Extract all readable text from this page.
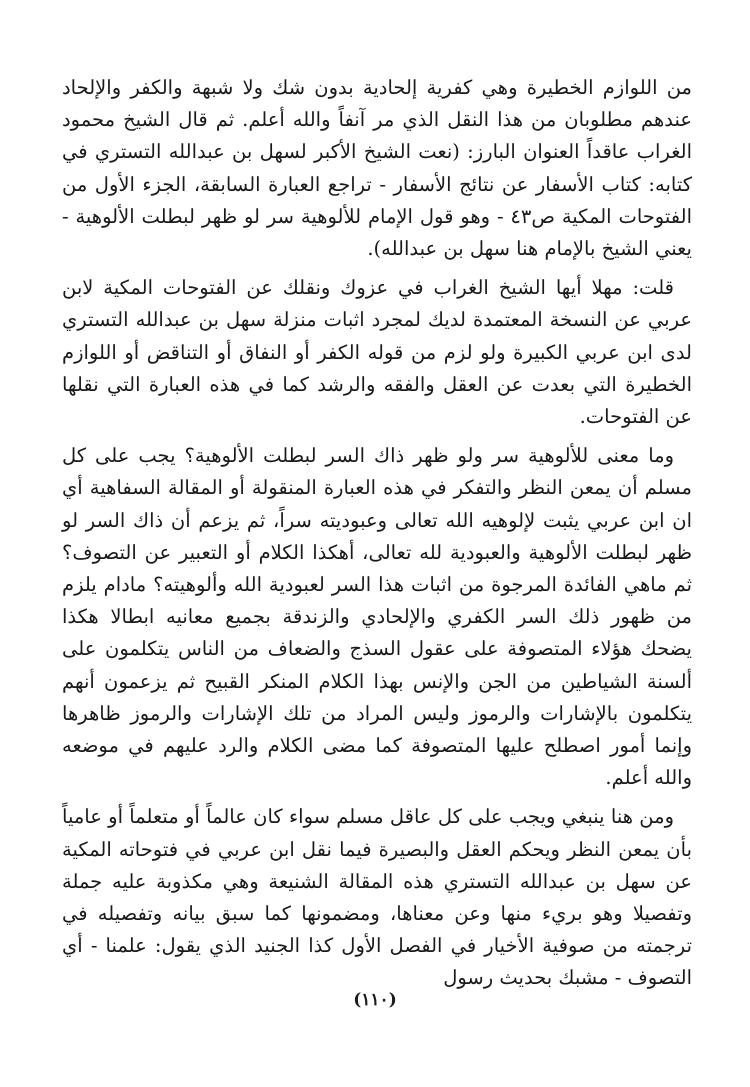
من اللوازم الخطيرة وهي كفرية إلحادية بدون شك ولا شبهة والكفر والإلحاد عندهم مطلوبان من هذا النقل الذي مر آنفاً والله أعلم. ثم قال الشيخ محمود الغراب عاقداً العنوان البارز: (نعت الشيخ الأكبر لسهل بن عبدالله التستري في كتابه: كتاب الأسفار عن نتائج الأسفار - تراجع العبارة السابقة، الجزء الأول من الفتوحات المكية ص٤٣ - وهو قول الإمام للألوهية سر لو ظهر لبطلت الألوهية - يعني الشيخ بالإمام هنا سهل بن عبدالله).

قلت: مهلا أيها الشيخ الغراب في عزوك ونقلك عن الفتوحات المكية لابن عربي عن النسخة المعتمدة لديك لمجرد اثبات منزلة سهل بن عبدالله التستري لدى ابن عربي الكبيرة ولو لزم من قوله الكفر أو النفاق أو التناقض أو اللوازم الخطيرة التي بعدت عن العقل والفقه والرشد كما في هذه العبارة التي نقلها عن الفتوحات.

وما معنى للألوهية سر ولو ظهر ذاك السر لبطلت الألوهية؟ يجب على كل مسلم أن يمعن النظر والتفكر في هذه العبارة المنقولة أو المقالة السفاهية أي ان ابن عربي يثبت لإلوهيه الله تعالى وعبوديته سراً، ثم يزعم أن ذاك السر لو ظهر لبطلت الألوهية والعبودية لله تعالى، أهكذا الكلام أو التعبير عن التصوف؟ ثم ماهي الفائدة المرجوة من اثبات هذا السر لعبودية الله وألوهيته؟ مادام يلزم من ظهور ذلك السر الكفري والإلحادي والزندقة بجميع معانيه ابطالا هكذا يضحك هؤلاء المتصوفة على عقول السذج والضعاف من الناس يتكلمون على ألسنة الشياطين من الجن والإنس بهذا الكلام المنكر القبيح ثم يزعمون أنهم يتكلمون بالإشارات والرموز وليس المراد من تلك الإشارات والرموز ظاهرها وإنما أمور اصطلح عليها المتصوفة كما مضى الكلام والرد عليهم في موضعه والله أعلم.

ومن هنا ينبغي ويجب على كل عاقل مسلم سواء كان عالماً أو متعلماً أو عامياً بأن يمعن النظر ويحكم العقل والبصيرة فيما نقل ابن عربي في فتوحاته المكية عن سهل بن عبدالله التستري هذه المقالة الشنيعة وهي مكذوبة عليه جملة وتفصيلا وهو بريء منها وعن معناها، ومضمونها كما سبق بيانه وتفصيله في ترجمته من صوفية الأخيار في الفصل الأول كذا الجنيد الذي يقول: علمنا - أي التصوف - مشبك بحديث رسول

(١١٠)
